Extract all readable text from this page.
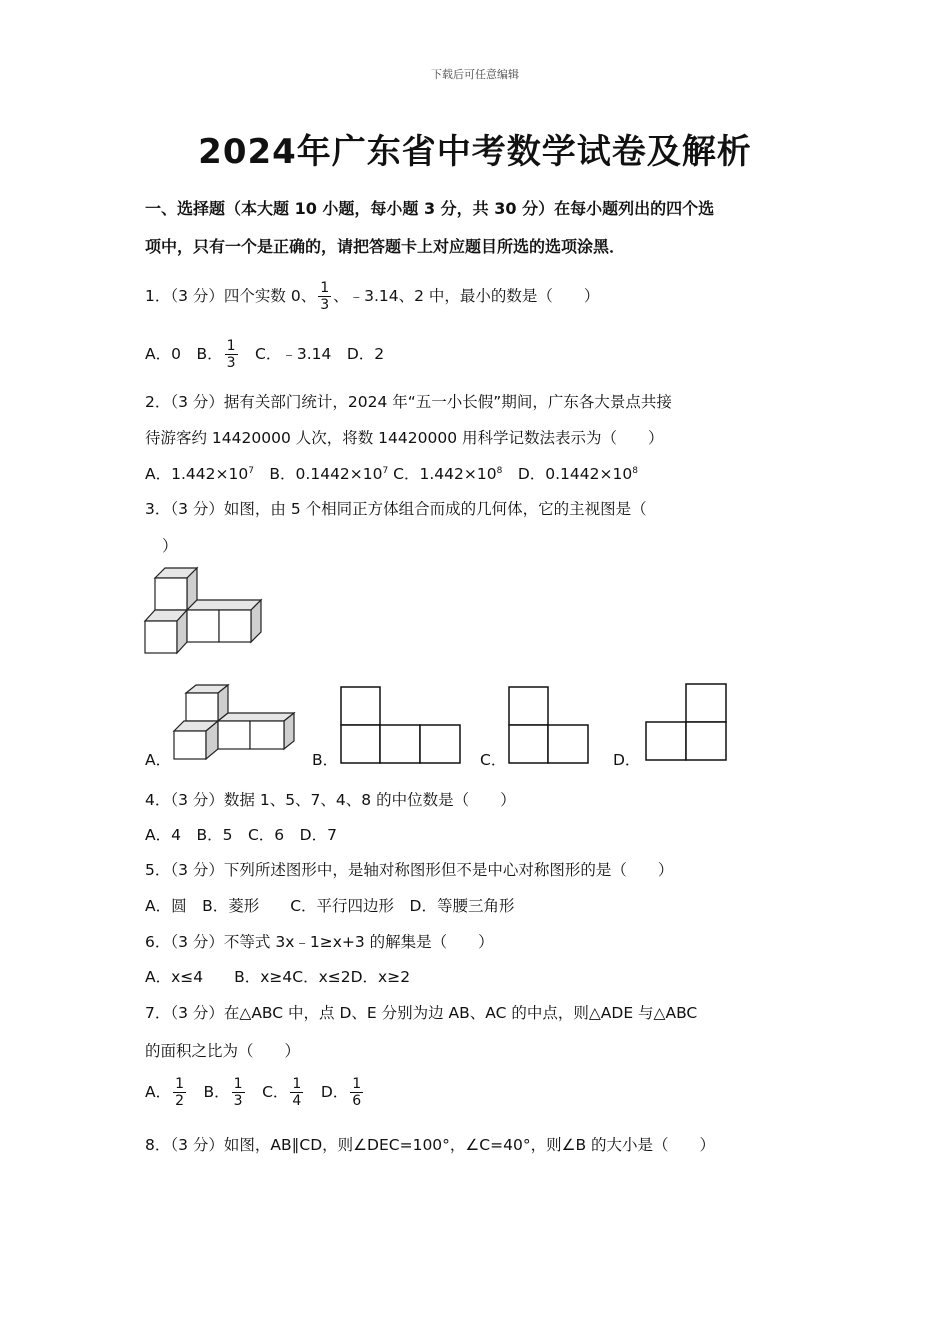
下载后可任意编辑
2024年广东省中考数学试卷及解析
一、选择题（本大题 10 小题，每小题 3 分，共 30 分）在每小题列出的四个选
项中，只有一个是正确的，请把答题卡上对应题目所选的选项涂黑．
1．（3 分）四个实数 0、 $\frac{1}{3}$ 、﹣3.14、2 中，最小的数是（　　）
A．0　B． $\frac{1}{3}$ 　C．﹣3.14　D．2
2．（3 分）据有关部门统计，2024 年“五一小长假”期间，广东各大景点共接
待游客约 14420000 人次，将数 14420000 用科学记数法表示为（　　）
A．$1.442\times 10^7$　B．$0.1442\times 10^7$ C．$1.442\times 10^8$　D．$0.1442\times 10^8$
3．（3 分）如图，由 5 个相同正方体组合而成的几何体，它的主视图是（
）
A．	B．	C．	D．
4．（3 分）数据 1、5、7、4、8 的中位数是（　　）
A．4　B．5　C．6　D．7
5．（3 分）下列所述图形中，是轴对称图形但不是中心对称图形的是（　　）
A．圆　B．菱形　　C．平行四边形　D．等腰三角形
6．（3 分）不等式 3x﹣1≥x+3 的解集是（　　）
A．x≤4　　B．x≥4C．x≤2D．x≥2
7．（3 分）在△ABC 中，点 D、E 分别为边 AB、AC 的中点，则△ADE 与△ABC
的面积之比为（　　）
A． $\frac{1}{2}$ 　B． $\frac{1}{3}$ 　C． $\frac{1}{4}$ 　D． $\frac{1}{6}$
8．（3 分）如图，AB∥CD，则∠DEC=100°，∠C=40°，则∠B 的大小是（　　）
